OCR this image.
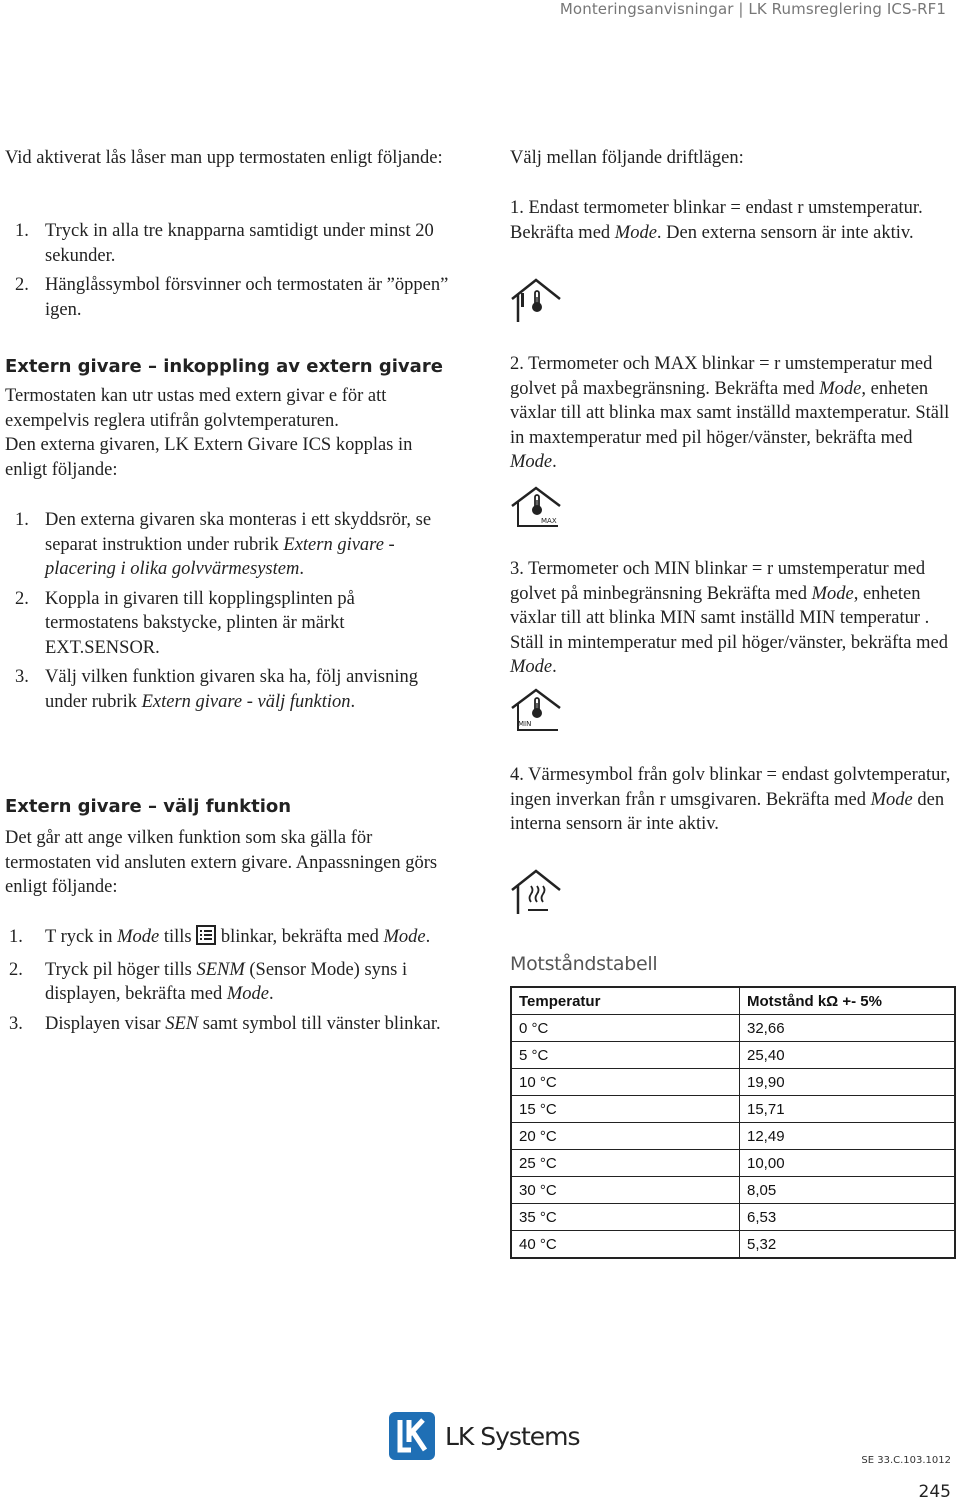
Monteringsanvisningar | LK Rumsreglering ICS-RF1

Vid aktiverat lås låser man upp termostaten enligt följande:

1. Tryck in alla tre knapparna samtidigt under minst 20 sekunder.
2. Hänglåssymbol försvinner och termostaten är ”öppen” igen.
Extern givare – inkoppling av extern givare

Termostaten kan utr ustas med extern givar e för att exempelvis reglera utifrån golvtemperaturen.

Den externa givaren, LK Extern Givare ICS kopplas in enligt följande:

1. Den externa givaren ska monteras i ett skyddsrör, se separat instruktion under rubrik Extern givare - placering i olika golvvärmesystem.
2. Koppla in givaren till kopplingsplinten på termostatens bakstycke, plinten är märkt EXT.SENSOR.
3. Välj vilken funktion givaren ska ha, följ anvisning under rubrik Extern givare - välj funktion.
Extern givare – välj funktion

Det går att ange vilken funktion som ska gälla för termostaten vid ansluten extern givare. Anpassningen görs enligt följande:

1. T ryck in Mode tills  blinkar, bekräfta med Mode.
2. Tryck pil höger tills SENM (Sensor Mode) syns i displayen, bekräfta med Mode.
3. Displayen visar SEN samt symbol till vänster blinkar.

Välj mellan följande driftlägen:

1. Endast termometer blinkar = endast r umstemperatur. Bekräfta med Mode. Den externa sensorn är inte aktiv.

2. Termometer och MAX blinkar = r umstemperatur med golvet på maxbegränsning. Bekräfta med Mode, enheten växlar till att blinka max samt inställd maxtemperatur. Ställ in maxtemperatur med pil höger/vänster, bekräfta med Mode.

MAX

3. Termometer och MIN blinkar = r umstemperatur med golvet på minbegränsning Bekräfta med Mode, enheten växlar till att blinka MIN samt inställd MIN temperatur . Ställ in mintemperatur med pil höger/vänster, bekräfta med Mode.

MIN

4. Värmesymbol från golv blinkar = endast golvtemperatur, ingen inverkan från r umsgivaren. Bekräfta med Mode den interna sensorn är inte aktiv.

Motståndstabell
Temperatur	Motstånd kΩ +- 5%
0 °C	32,66
5 °C	25,40
10 °C	19,90
15 °C	15,71
20 °C	12,49
25 °C	10,00
30 °C	8,05
35 °C	6,53
40 °C	5,32
LK Systems
SE 33.C.103.1012
245
